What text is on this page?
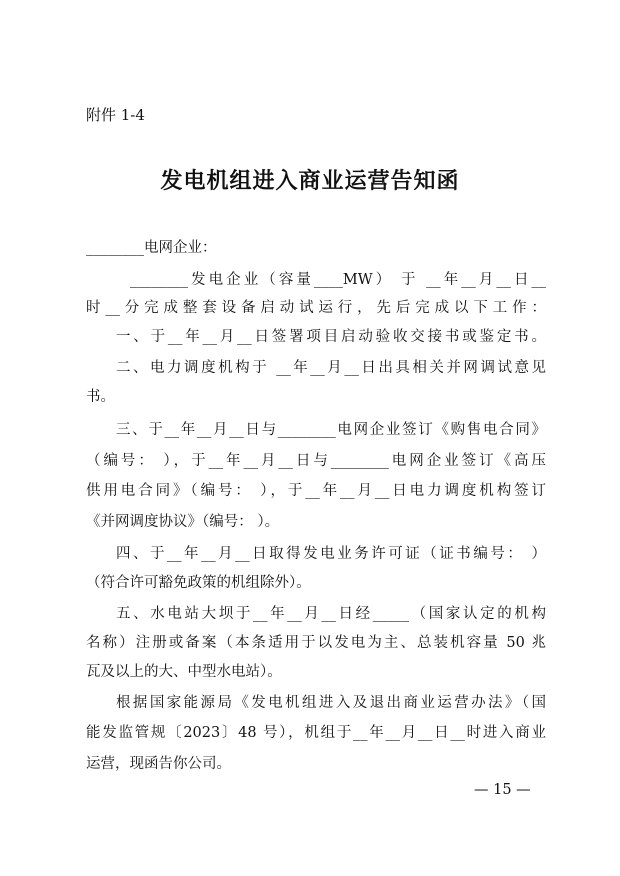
附件 1-4
发电机组进入商业运营告知函
________电网企业：
________发电企业（容量____MW） 于 __年__月__日__
时__分完成整套设备启动试运行，先后完成以下工作：
一、于__年__月__日签署项目启动验收交接书或鉴定书。
二、电力调度机构于 __年__月__日出具相关并网调试意见
书。
三、于__年__月__日与________电网企业签订《购售电合同》
（编号： ），于__年__月__日与________电网企业签订《高压
供用电合同》（编号： ），于__年__月__日电力调度机构签订
《并网调度协议》（编号： ）。
四、于__年__月__日取得发电业务许可证（证书编号： ）
（符合许可豁免政策的机组除外）。
五、水电站大坝于__年__月__日经_____（国家认定的机构
名称）注册或备案（本条适用于以发电为主、总装机容量 50 兆
瓦及以上的大、中型水电站）。
根据国家能源局《发电机组进入及退出商业运营办法》（国
能发监管规〔2023〕48 号），机组于__年__月__日__时进入商业
运营，现函告你公司。
— 15 —
